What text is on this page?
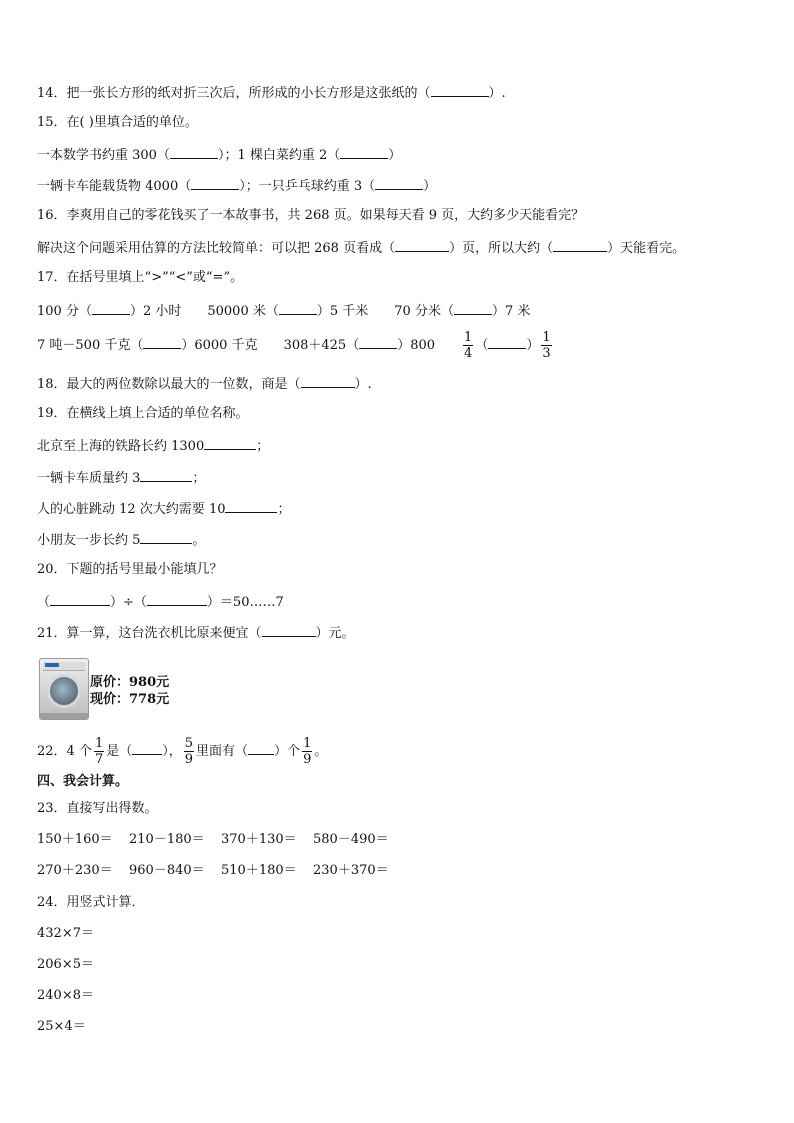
14．把一张长方形的纸对折三次后，所形成的小长方形是这张纸的（	）.
15．在( )里填合适的单位。
一本数学书约重 300（	）；1 棵白菜约重 2（	）
一辆卡车能载货物 4000（	）；一只乒乓球约重 3（	）
16．李爽用自己的零花钱买了一本故事书，共 268 页。如果每天看 9 页，大约多少天能看完？
解决这个问题采用估算的方法比较简单：可以把 268 页看成（	）页，所以大约（	）天能看完。
17．在括号里填上“>”“<”或“=”。
100 分（	）2 小时 50000 米（	）5 千米 70 分米（	）7 米
7 吨－500 千克（	）6000 千克 308＋425（	）$800 \frac{1}{4}$ （	） $\frac{1}{3}$
18．最大的两位数除以最大的一位数，商是（	）.
19．在横线上填上合适的单位名称。
北京至上海的铁路长约 1300	；
一辆卡车质量约 3	；
人的心脏跳动 12 次大约需要 10	；
小朋友一步长约 5	。
20．下题的括号里最小能填几？
（	）÷（	）＝50……7
21．算一算，这台洗衣机比原来便宜（	）元。
原价：980元
现价：778元
22．4 个 $\frac{1}{7}$ 是（ ）， $\frac{5}{9}$ 里面有（ ）个 $\frac{1}{9}$ 。
四、我会计算。
23．直接写出得数。
150＋160＝ 210－180＝ 370＋130＝ 580－490＝
270＋230＝ 960－840＝ 510＋180＝ 230＋370＝
24．用竖式计算．
432×7＝
206×5＝
240×8＝
25×4＝
